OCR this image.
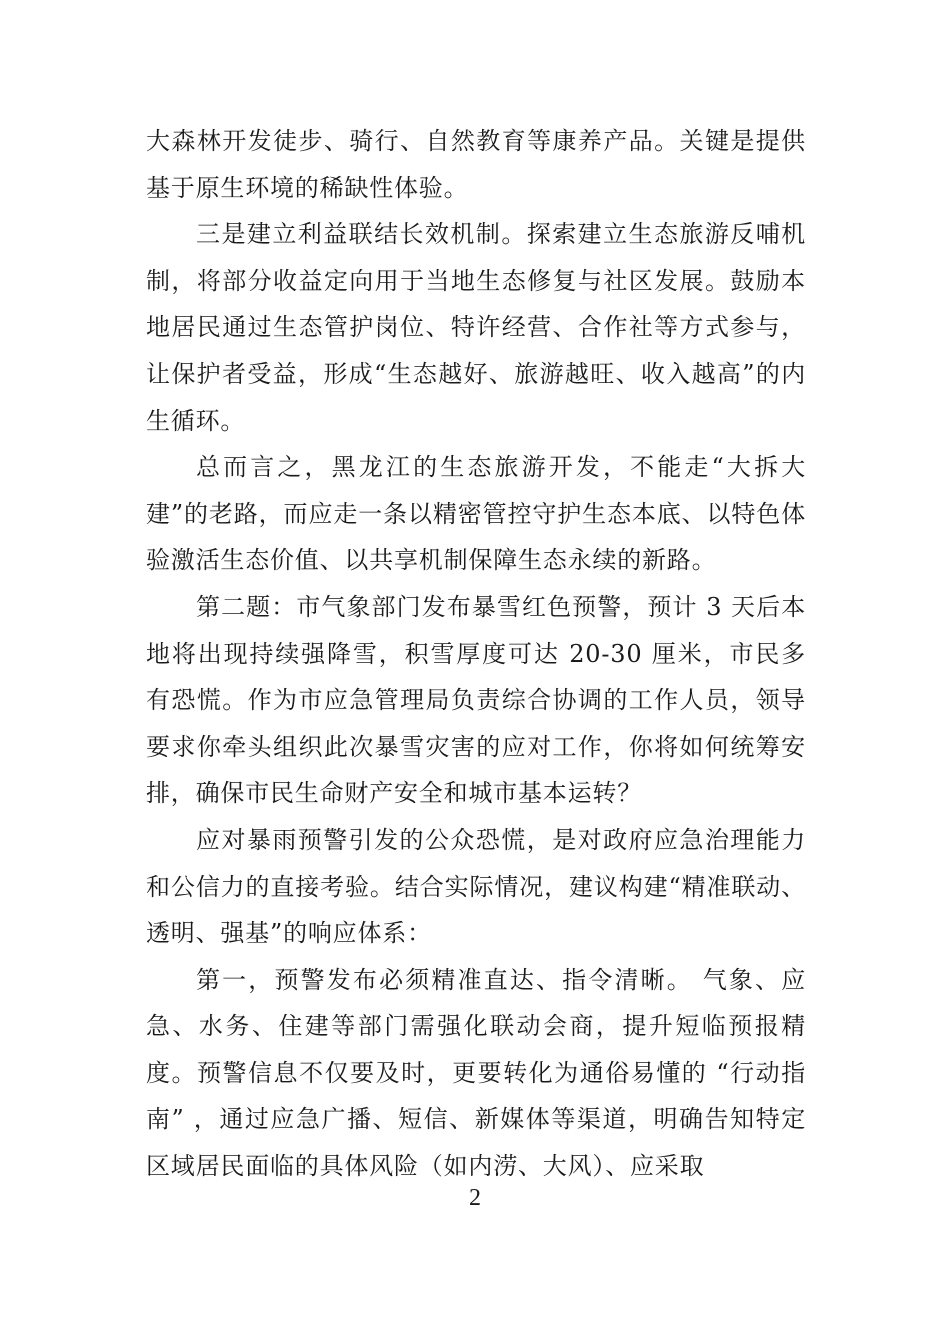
大森林开发徒步、骑行、自然教育等康养产品。关键是提供基于原生环境的稀缺性体验。

三是建立利益联结长效机制。探索建立生态旅游反哺机制，将部分收益定向用于当地生态修复与社区发展。鼓励本地居民通过生态管护岗位、特许经营、合作社等方式参与，让保护者受益，形成“生态越好、旅游越旺、收入越高”的内生循环。

总而言之，黑龙江的生态旅游开发，不能走“大拆大建”的老路，而应走一条以精密管控守护生态本底、以特色体验激活生态价值、以共享机制保障生态永续的新路。

第二题：市气象部门发布暴雪红色预警，预计 3 天后本地将出现持续强降雪，积雪厚度可达 20-30 厘米，市民多有恐慌。作为市应急管理局负责综合协调的工作人员，领导要求你牵头组织此次暴雪灾害的应对工作，你将如何统筹安排，确保市民生命财产安全和城市基本运转？

应对暴雨预警引发的公众恐慌，是对政府应急治理能力和公信力的直接考验。结合实际情况，建议构建“精准联动、透明、强基”的响应体系：

第一，预警发布必须精准直达、指令清晰。 气象、应急、水务、住建等部门需强化联动会商，提升短临预报精度。预警信息不仅要及时，更要转化为通俗易懂的 “行动指南” ，通过应急广播、短信、新媒体等渠道，明确告知特定区域居民面临的具体风险（如内涝、大风）、应采取

2
